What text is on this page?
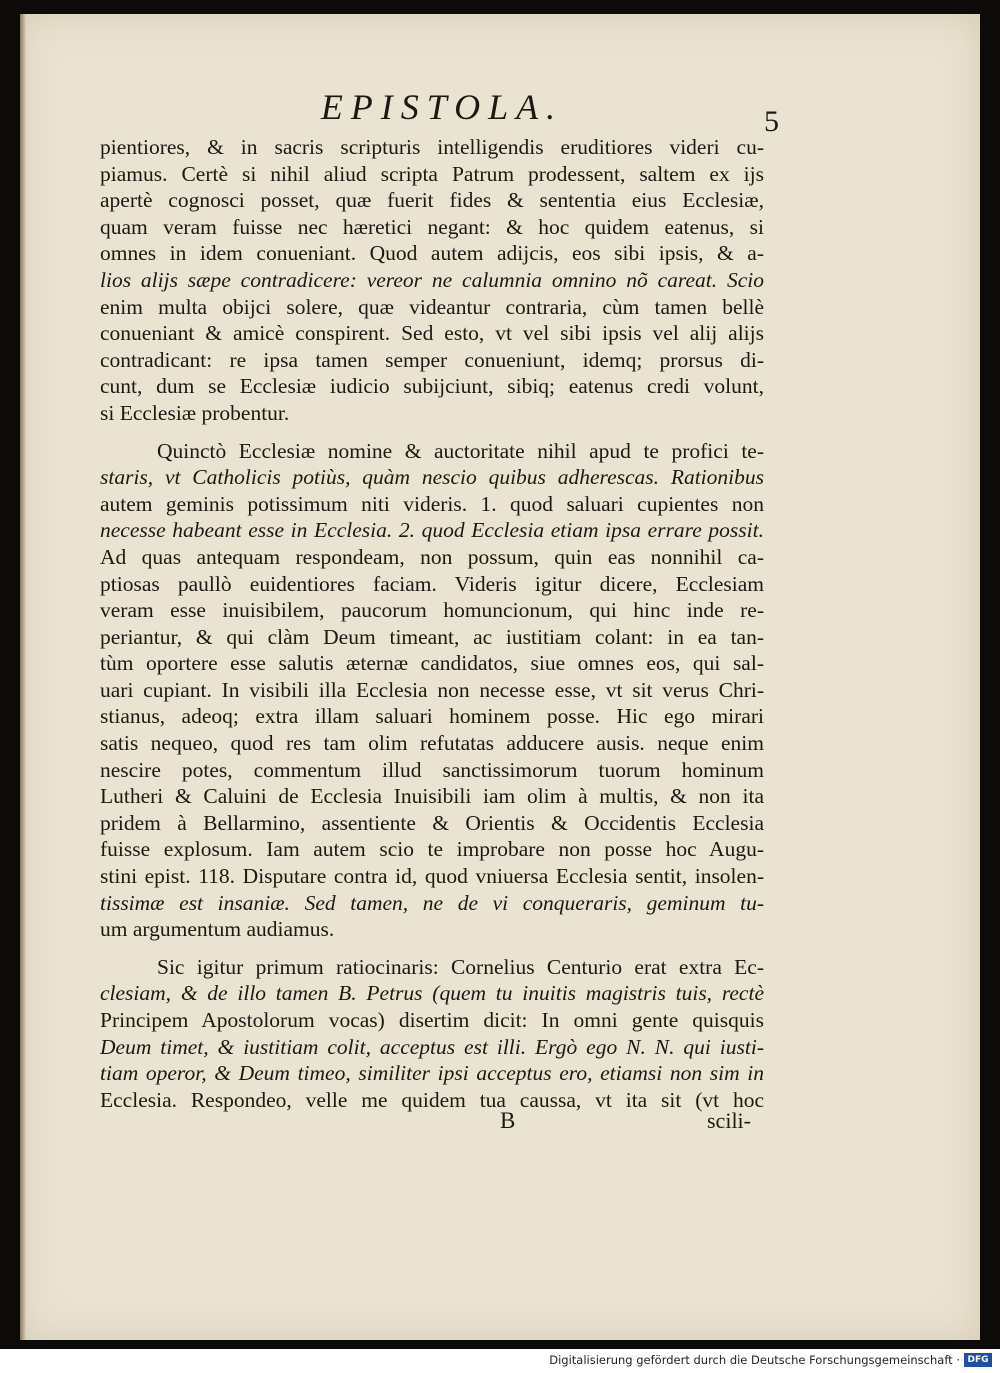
EPISTOLA.	5
pientiores, & in sacris scripturis intelligendis eruditiores videri cu-
piamus. Certè si nihil aliud scripta Patrum prodessent, saltem ex ijs
apertè cognosci posset, quæ fuerit fides & sententia eius Ecclesiæ,
quam veram fuisse nec hæretici negant: & hoc quidem eatenus, si
omnes in idem conueniant. Quod autem adijcis, eos sibi ipsis, & a-
lios alijs sæpe contradicere: vereor ne calumnia omnino nõ careat. Scio
enim multa obijci solere, quæ videantur contraria, cùm tamen bellè
conueniant & amicè conspirent. Sed esto, vt vel sibi ipsis vel alij alijs
contradicant: re ipsa tamen semper conueniunt, idemq; prorsus di-
cunt, dum se Ecclesiæ iudicio subijciunt, sibiq; eatenus credi volunt,
si Ecclesiæ probentur.
Quinctò Ecclesiæ nomine & auctoritate nihil apud te profici te-
staris, vt Catholicis potiùs, quàm nescio quibus adherescas. Rationibus
autem geminis potissimum niti videris. 1. quod saluari cupientes non
necesse habeant esse in Ecclesia. 2. quod Ecclesia etiam ipsa errare possit.
Ad quas antequam respondeam, non possum, quin eas nonnihil ca-
ptiosas paullò euidentiores faciam. Videris igitur dicere, Ecclesiam
veram esse inuisibilem, paucorum homuncionum, qui hinc inde re-
periantur, & qui clàm Deum timeant, ac iustitiam colant: in ea tan-
tùm oportere esse salutis æternæ candidatos, siue omnes eos, qui sal-
uari cupiant. In visibili illa Ecclesia non necesse esse, vt sit verus Chri-
stianus, adeoq; extra illam saluari hominem posse. Hic ego mirari
satis nequeo, quod res tam olim refutatas adducere ausis. neque enim
nescire potes, commentum illud sanctissimorum tuorum hominum
Lutheri & Caluini de Ecclesia Inuisibili iam olim à multis, & non ita
pridem à Bellarmino, assentiente & Orientis & Occidentis Ecclesia
fuisse explosum. Iam autem scio te improbare non posse hoc Augu-
stini epist. 118. Disputare contra id, quod vniuersa Ecclesia sentit, insolen-
tissimæ est insaniæ. Sed tamen, ne de vi conqueraris, geminum tu-
um argumentum audiamus.
Sic igitur primum ratiocinaris: Cornelius Centurio erat extra Ec-
clesiam, & de illo tamen B. Petrus (quem tu inuitis magistris tuis, rectè
Principem Apostolorum vocas) disertim dicit: In omni gente quisquis
Deum timet, & iustitiam colit, acceptus est illi. Ergò ego N. N. qui iusti-
tiam operor, & Deum timeo, similiter ipsi acceptus ero, etiamsi non sim in
Ecclesia. Respondeo, velle me quidem tua caussa, vt ita sit (vt hoc
B	scili-
Digitalisierung gefördert durch die Deutsche Forschungsgemeinschaft · DFG
